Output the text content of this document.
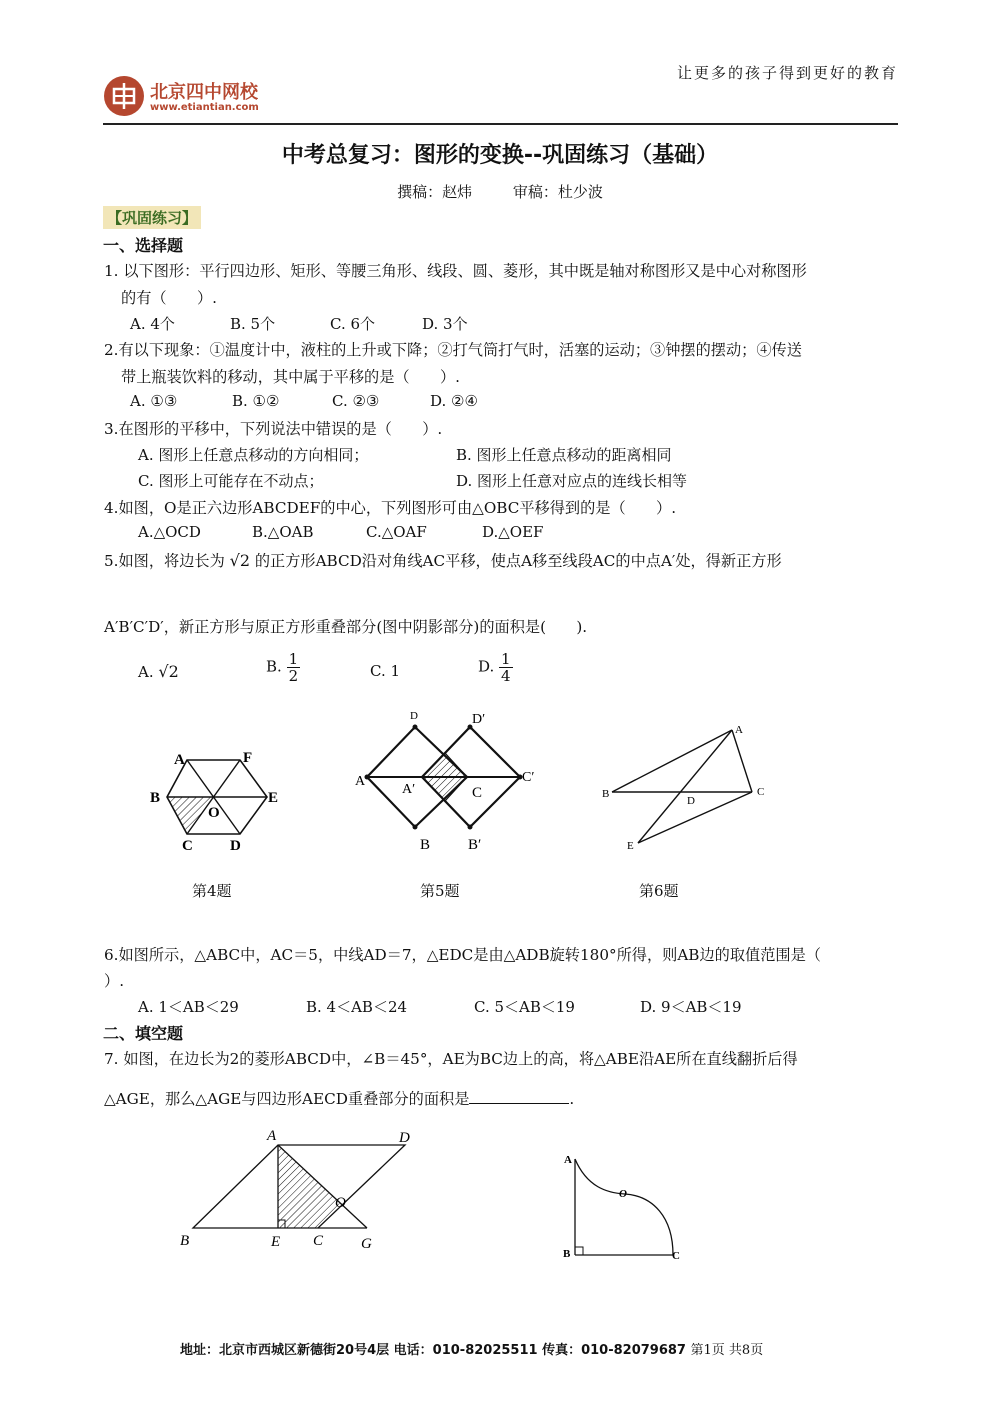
让更多的孩子得到更好的教育
北京四中网校
www.etiantian.com
中考总复习：图形的变换--巩固练习（基础）
撰稿：赵炜	审稿：杜少波
【巩固练习】
一、选择题
1. 以下图形：平行四边形、矩形、等腰三角形、线段、圆、菱形，其中既是轴对称图形又是中心对称图形
的有（　　）.
A. 4个	B. 5个	C. 6个	D. 3个
2.有以下现象：①温度计中，液柱的上升或下降；②打气筒打气时，活塞的运动；③钟摆的摆动；④传送
带上瓶装饮料的移动，其中属于平移的是（　　）.
A. ①③	B. ①②	C. ②③	D. ②④
3.在图形的平移中，下列说法中错误的是（　　）.
A. 图形上任意点移动的方向相同；	B. 图形上任意点移动的距离相同
C. 图形上可能存在不动点；	D. 图形上任意对应点的连线长相等
4.如图，O是正六边形ABCDEF的中心，下列图形可由△OBC平移得到的是（　　）.
A.△OCD	B.△OAB	C.△OAF	D.△OEF
5.如图，将边长为 √2 的正方形ABCD沿对角线AC平移，使点A移至线段AC的中点A′处，得新正方形
A′B′C′D′，新正方形与原正方形重叠部分(图中阴影部分)的面积是(　　).
A. √2	B. $\frac{1}{2}$	C. 1	D. $\frac{1}{4}$
A	F
B	E
O
C D
D	D′
A
A′	C
C′
B	B′
A
B	C
D
E
第4题	第5题	第6题
6.如图所示，△ABC中，AC＝5，中线AD＝7，△EDC是由△ADB旋转180°所得，则AB边的取值范围是（
）.
A. 1＜AB＜29	B. 4＜AB＜24	C. 5＜AB＜19	D. 9＜AB＜19
二、填空题
7. 如图，在边长为2的菱形ABCD中，∠B＝45°，AE为BC边上的高，将△ABE沿AE所在直线翻折后得
△AGE，那么△AGE与四边形AECD重叠部分的面积是	.
A	D
O
B	E C	G
A
O
B	C
地址：北京市西城区新德街20号4层 电话：010-82025511 传真：010-82079687 第1页 共8页
